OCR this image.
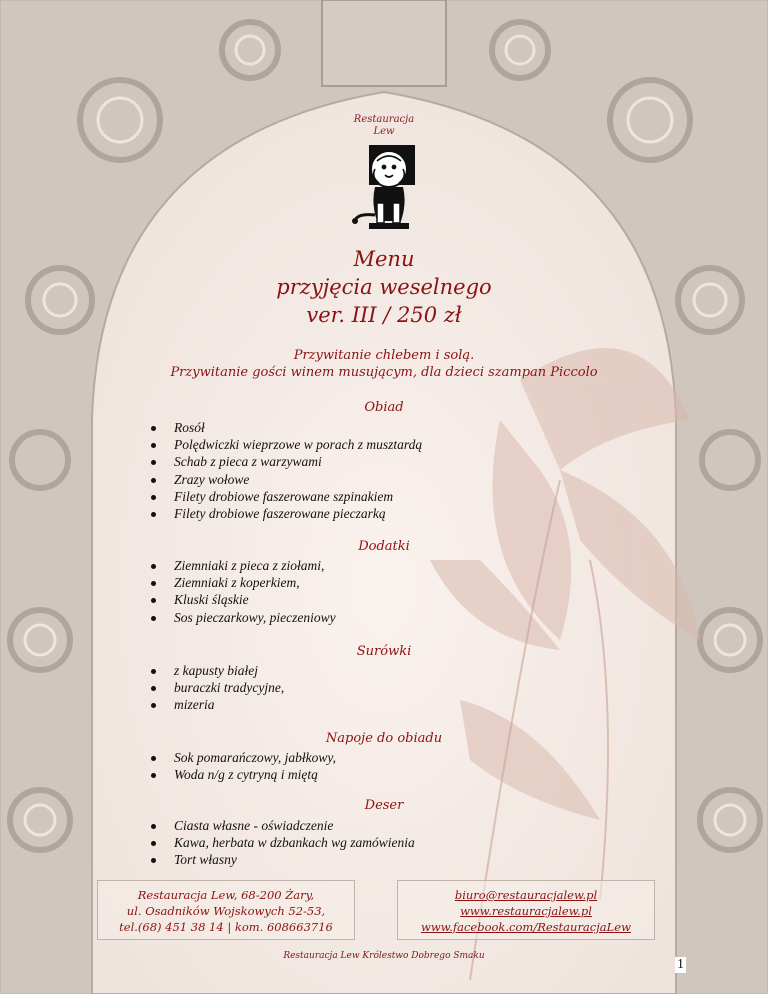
Restauracja
Lew
Menu
przyjęcia weselnego
ver. III / 250 zł
Przywitanie chlebem i solą.
Przywitanie gości winem musującym, dla dzieci szampan Piccolo
Obiad
Rosół
Polędwiczki wieprzowe w porach z musztardą
Schab z pieca z warzywami
Zrazy wołowe
Filety drobiowe faszerowane szpinakiem
Filety drobiowe faszerowane pieczarką
Dodatki
Ziemniaki z pieca z ziołami,
Ziemniaki z koperkiem,
Kluski śląskie
Sos pieczarkowy, pieczeniowy
Surówki
z kapusty białej
buraczki tradycyjne,
mizeria
Napoje do obiadu
Sok pomarańczowy, jabłkowy,
Woda n/g z cytryną i miętą
Deser
Ciasta własne - oświadczenie
Kawa, herbata w dzbankach wg zamówienia
Tort własny
Restauracja Lew, 68-200 Żary,
ul. Osadników Wojskowych 52-53,
tel.(68) 451 38 14 | kom. 608663716
biuro@restauracjalew.pl
www.restauracjalew.pl
www.facebook.com/RestauracjaLew
Restauracja Lew Królestwo Dobrego Smaku
1
